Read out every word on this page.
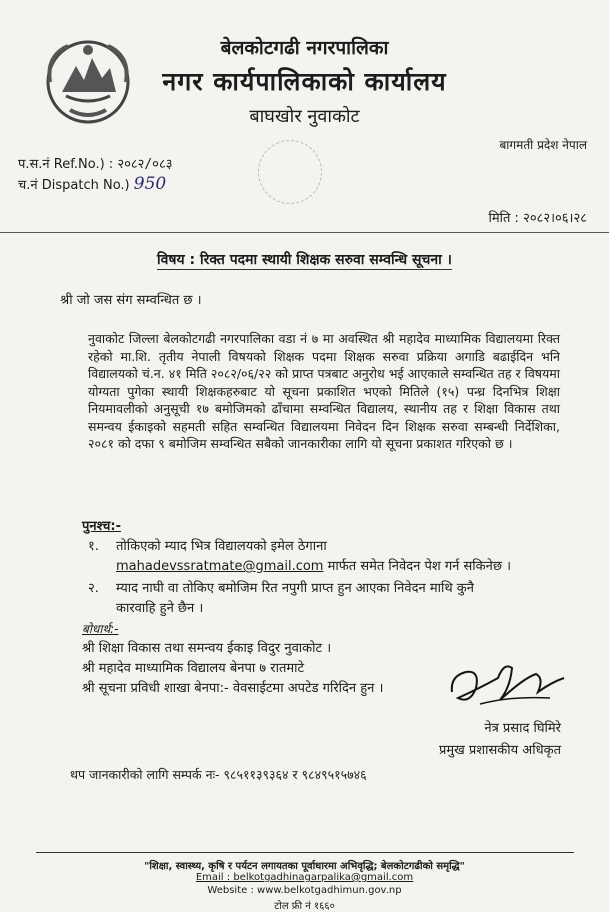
बेलकोटगढी नगरपालिका
नगर कार्यपालिकाको कार्यालय
बाघखोर नुवाकोट
बागमती प्रदेश नेपाल
प.स.नं Ref.No.) : २०८२/०८३
च.नं Dispatch No.) 950
मिति : २०८२।०६।२८
विषय : रिक्त पदमा स्थायी शिक्षक सरुवा सम्वन्धि सूचना ।
श्री जो जस संग सम्वन्धित छ ।
नुवाकोट जिल्ला बेलकोटगढी नगरपालिका वडा नं ७ मा अवस्थित श्री महादेव माध्यामिक विद्यालयमा रिक्त रहेको मा.शि. तृतीय नेपाली विषयको शिक्षक पदमा शिक्षक सरुवा प्रक्रिया अगाडि बढाईदिन भनि विद्यालयको चं.न. ४१ मिति २०८२/०६/२२ को प्राप्त पत्रबाट अनुरोध भई आएकाले सम्वन्धित तह र विषयमा योग्यता पुगेका स्थायी शिक्षकहरुबाट यो सूचना प्रकाशित भएको मितिले (१५) पन्ध्र दिनभित्र शिक्षा नियमावलीको अनुसूची १७ बमोजिमको ढाँचामा सम्वन्धित विद्यालय, स्थानीय तह र शिक्षा विकास तथा समन्वय ईकाइको सहमती सहित सम्वन्धित विद्यालयमा निवेदन दिन शिक्षक सरुवा सम्बन्धी निर्देशिका, २०८१ को दफा ९ बमोजिम सम्वन्धित सबैको जानकारीका लागि यो सूचना प्रकाशत गरिएको छ ।
पुनश्च:-
१. तोकिएको म्याद भित्र विद्यालयको इमेल ठेगाना
mahadevssratmate@gmail.com मार्फत समेत निवेदन पेश गर्न सकिनेछ ।
२. म्याद नाघी वा तोकिए बमोजिम रित नपुगी प्राप्त हुन आएका निवेदन माथि कुनै
कारवाहि हुने छैन ।
बोधार्थ:-
श्री शिक्षा विकास तथा समन्वय ईकाइ विदुर नुवाकोट ।
श्री महादेव माध्यामिक विद्यालय बेनपा ७ रातमाटे
श्री सूचना प्रविधी शाखा बेनपा:- वेवसाईटमा अपटेड गरिदिन हुन ।
नेत्र प्रसाद घिमिरे
प्रमुख प्रशासकीय अधिकृत
थप जानकारीको लागि सम्पर्क नः- ९८५११३९३६४ र ९८४९५१५७४६
"शिक्षा, स्वास्थ्य, कृषि र पर्यटन लगायतका पूर्वाधारमा अभिवृद्धि; बेलकोटगढीको समृद्धि"
Email : belkotgadhinagarpalika@gmail.com
Website : www.belkotgadhimun.gov.np
टोल फ्री नं १६६०
